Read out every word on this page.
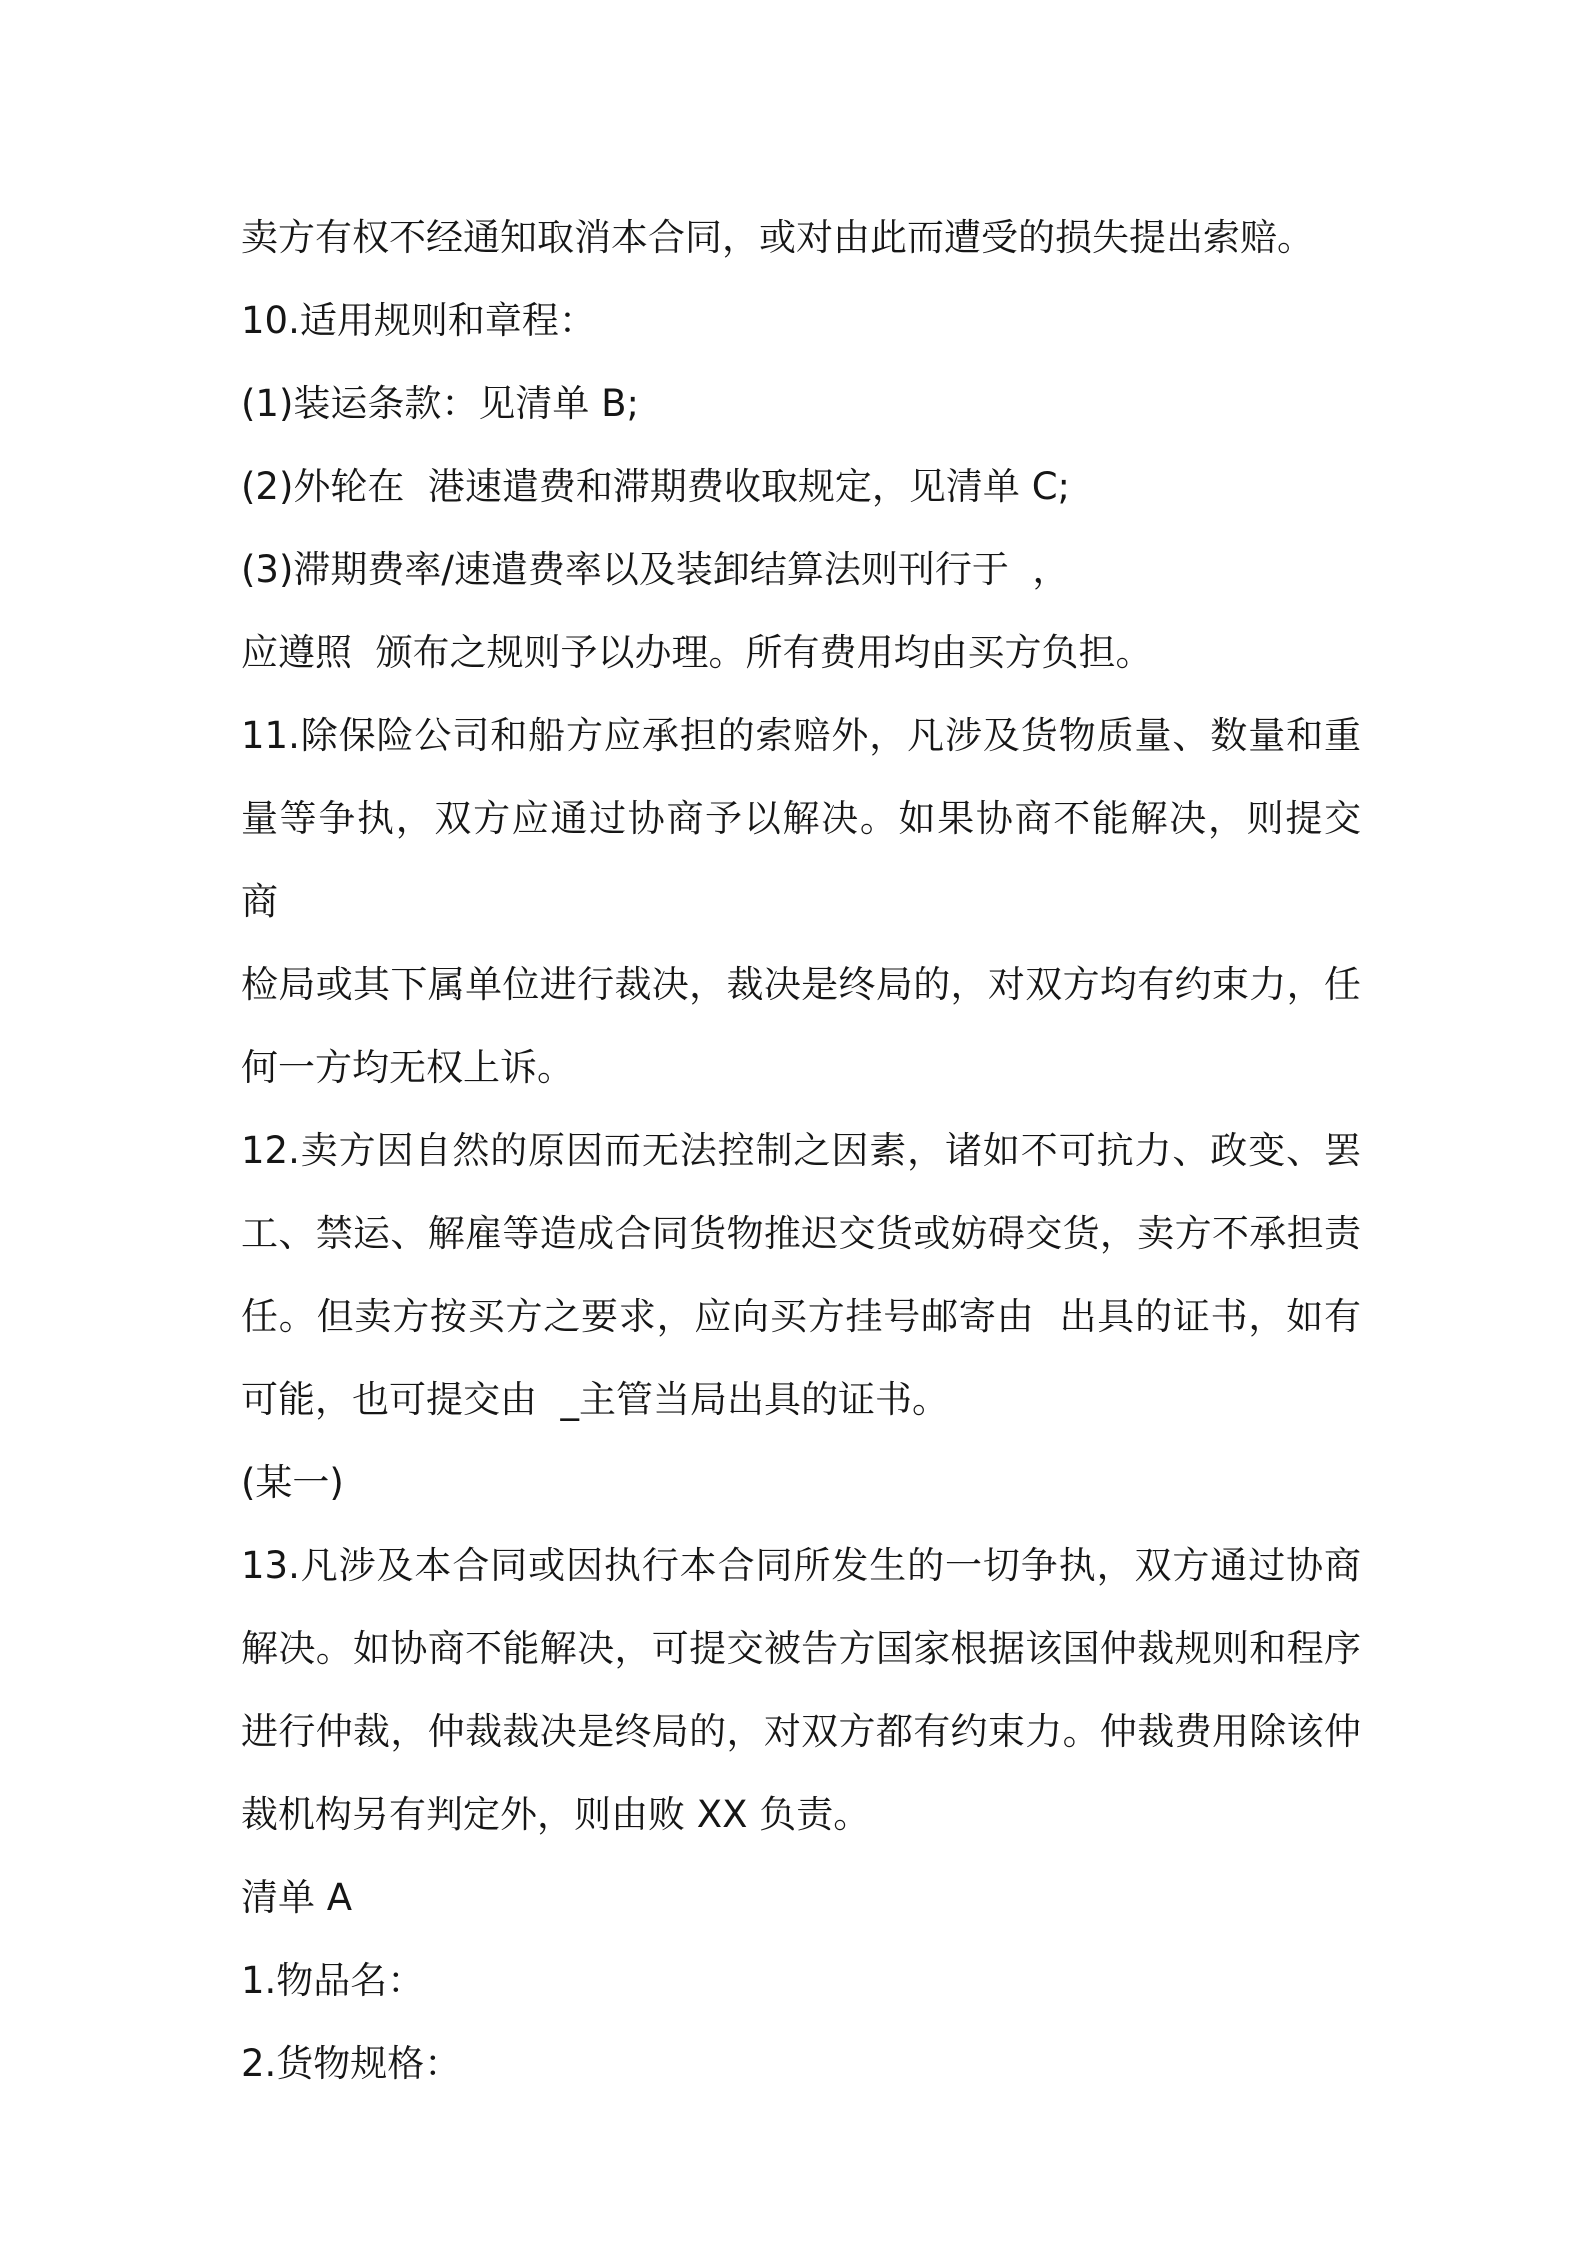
卖方有权不经通知取消本合同，或对由此而遭受的损失提出索赔。

10.适用规则和章程：

(1)装运条款：见清单 B;

(2)外轮在  港速遣费和滞期费收取规定，见清单 C;

(3)滞期费率/速遣费率以及装卸结算法则刊行于  ，

应遵照  颁布之规则予以办理。所有费用均由买方负担。

11.除保险公司和船方应承担的索赔外，凡涉及货物质量、数量和重

量等争执，双方应通过协商予以解决。如果协商不能解决，则提交  商

检局或其下属单位进行裁决，裁决是终局的，对双方均有约束力，任

何一方均无权上诉。

12.卖方因自然的原因而无法控制之因素，诸如不可抗力、政变、罢

工、禁运、解雇等造成合同货物推迟交货或妨碍交货，卖方不承担责

任。但卖方按买方之要求，应向买方挂号邮寄由  出具的证书，如有

可能，也可提交由  _主管当局出具的证书。

(某一)

13.凡涉及本合同或因执行本合同所发生的一切争执，双方通过协商

解决。如协商不能解决，可提交被告方国家根据该国仲裁规则和程序

进行仲裁，仲裁裁决是终局的，对双方都有约束力。仲裁费用除该仲

裁机构另有判定外，则由败 XX 负责。

清单 A

1.物品名：

2.货物规格：
